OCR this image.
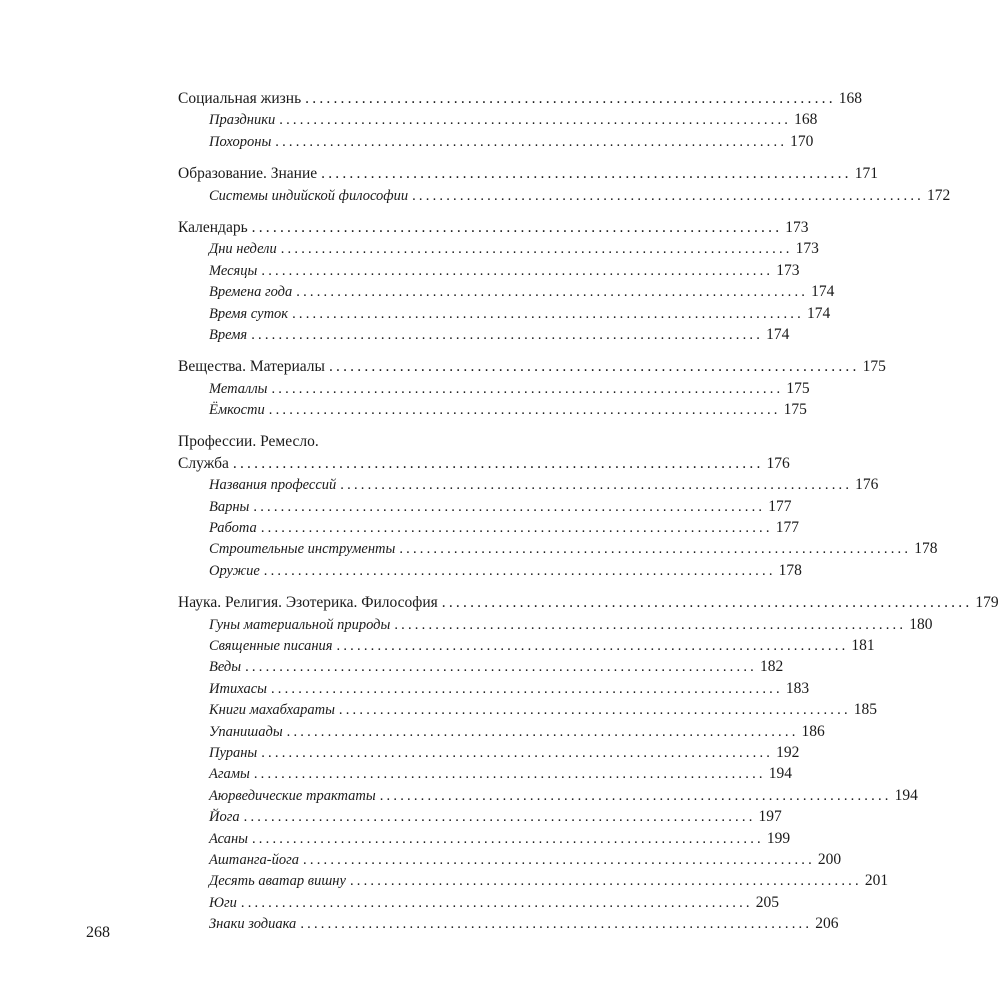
Социальная жизнь ........................................................................... 168
Праздники ........................................................................... 168
Похороны ........................................................................... 170
Образование. Знание ........................................................................... 171
Системы индийской философии ........................................................................... 172
Календарь ........................................................................... 173
Дни недели ........................................................................... 173
Месяцы ........................................................................... 173
Времена года ........................................................................... 174
Время суток ........................................................................... 174
Время ........................................................................... 174
Вещества. Материалы ........................................................................... 175
Металлы ........................................................................... 175
Ёмкости ........................................................................... 175
Профессии. Ремесло.
Служба ........................................................................... 176
Названия профессий ........................................................................... 176
Варны ........................................................................... 177
Работа ........................................................................... 177
Строительные инструменты ........................................................................... 178
Оружие ........................................................................... 178
Наука. Религия. Эзотерика. Философия ........................................................................... 179
Гуны материальной природы ........................................................................... 180
Священные писания ........................................................................... 181
Веды ........................................................................... 182
Итихасы ........................................................................... 183
Книги махабхараты ........................................................................... 185
Упанишады ........................................................................... 186
Пураны ........................................................................... 192
Агамы ........................................................................... 194
Аюрведические трактаты ........................................................................... 194
Йога ........................................................................... 197
Асаны ........................................................................... 199
Аштанга-йога ........................................................................... 200
Десять аватар вишну ........................................................................... 201
Юги ........................................................................... 205
Знаки зодиака ........................................................................... 206
268
